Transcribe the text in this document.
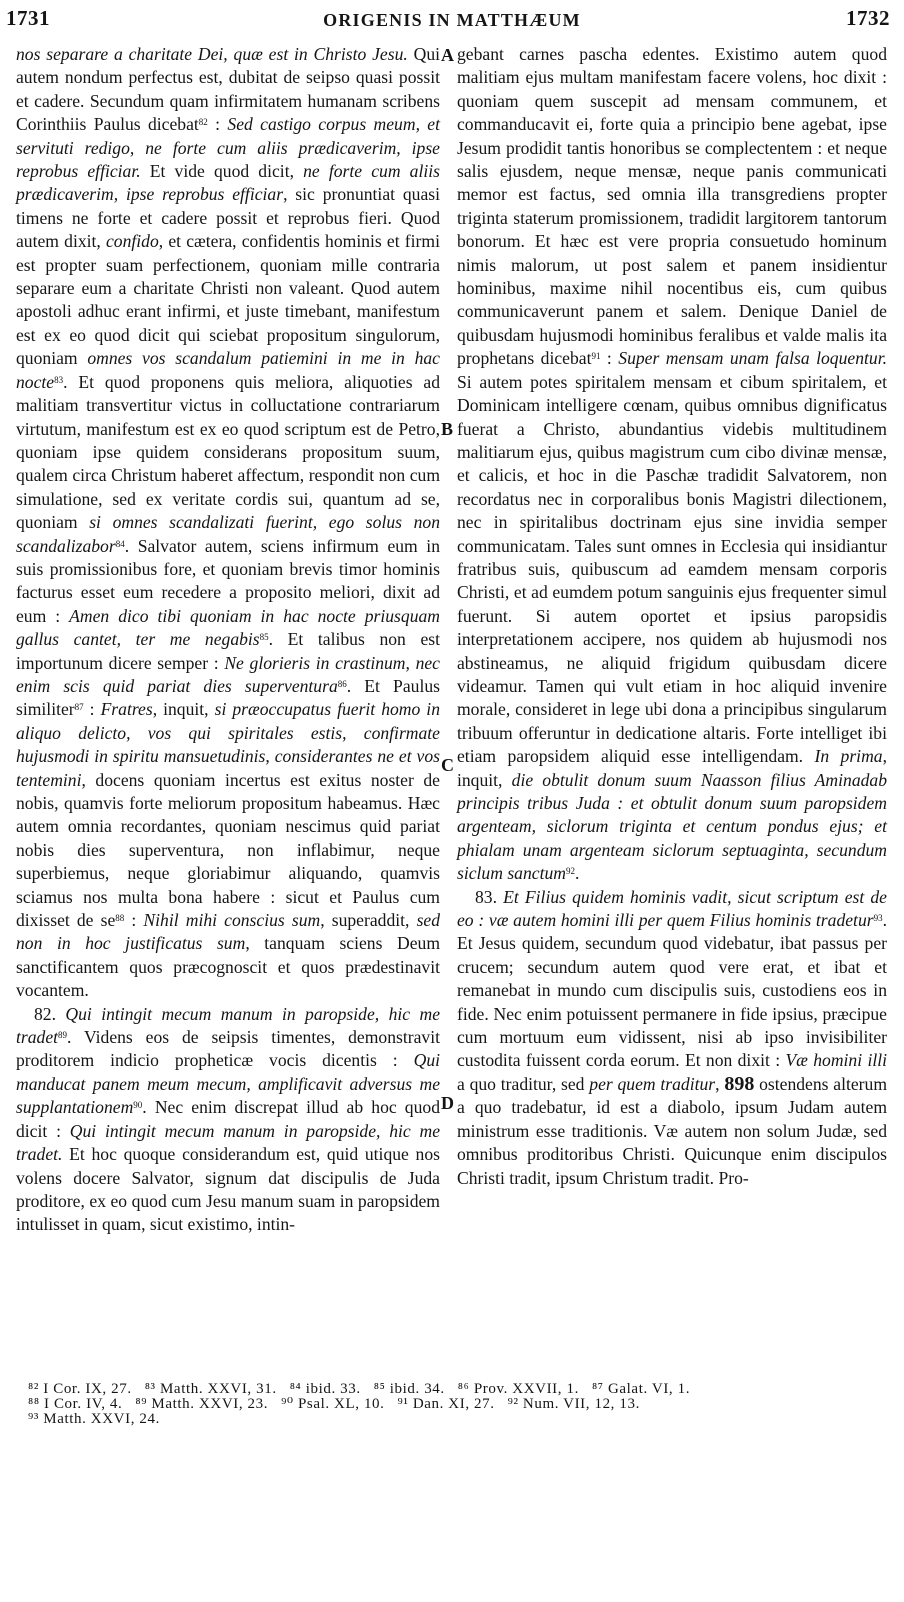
1731	ORIGENIS IN MATTHÆUM	1732

nos separare a charitate Dei, quæ est in Christo Jesu. Qui autem nondum perfectus est, dubitat de seipso quasi possit et cadere. Secundum quam infirmitatem humanam scribens Corinthiis Paulus dicebat$^{82}$ : Sed castigo corpus meum, et servituti redigo, ne forte cum aliis prædicaverim, ipse reprobus efficiar. Et vide quod dicit, ne forte cum aliis prædicaverim, ipse reprobus efficiar, sic pronuntiat quasi timens ne forte et cadere possit et reprobus fieri. Quod autem dixit, confido, et cætera, confidentis hominis et firmi est propter suam perfectionem, quoniam mille contraria separare eum a charitate Christi non valeant. Quod autem apostoli adhuc erant infirmi, et juste timebant, manifestum est ex eo quod dicit qui sciebat propositum singulorum, quoniam omnes vos scandalum patiemini in me in hac nocte$^{83}$. Et quod proponens quis meliora, aliquoties ad malitiam transvertitur victus in colluctatione contrariarum virtutum, manifestum est ex eo quod scriptum est de Petro, quoniam ipse quidem considerans propositum suum, qualem circa Christum haberet affectum, respondit non cum simulatione, sed ex veritate cordis sui, quantum ad se, quoniam si omnes scandalizati fuerint, ego solus non scandalizabor$^{84}$. Salvator autem, sciens infirmum eum in suis promissionibus fore, et quoniam brevis timor hominis facturus esset eum recedere a proposito meliori, dixit ad eum : Amen dico tibi quoniam in hac nocte priusquam gallus cantet, ter me negabis$^{85}$. Et talibus non est importunum dicere semper : Ne glorieris in crastinum, nec enim scis quid pariat dies superventura$^{86}$. Et Paulus similiter$^{87}$ : Fratres, inquit, si præoccupatus fuerit homo in aliquo delicto, vos qui spiritales estis, confirmate hujusmodi in spiritu mansuetudinis, considerantes ne et vos tentemini, docens quoniam incertus est exitus noster de nobis, quamvis forte meliorum propositum habeamus. Hæc autem omnia recordantes, quoniam nescimus quid pariat nobis dies superventura, non inflabimur, neque superbiemus, neque gloriabimur aliquando, quamvis sciamus nos multa bona habere : sicut et Paulus cum dixisset de $se^{88}$ : Nihil mihi conscius sum, superaddit, sed non in hoc justificatus sum, tanquam sciens Deum sanctificantem quos præcognoscit et quos prædestinavit vocantem.

82. Qui intingit mecum manum in paropside, hic me tradet$^{89}$. Videns eos de seipsis timentes, demonstravit proditorem indicio propheticæ vocis dicentis : Qui manducat panem meum mecum, amplificavit adversus me supplantationem$^{90}$. Nec enim discrepat illud ab hoc quod dicit : Qui intingit mecum manum in paropside, hic me tradet. Et hoc quoque considerandum est, quid utique nos volens docere Salvator, signum dat discipulis de Juda proditore, ex eo quod cum Jesu manum suam in paropsidem intulisset in quam, sicut existimo, intin-

gebant carnes pascha edentes. Existimo autem quod malitiam ejus multam manifestam facere volens, hoc dixit : quoniam quem suscepit ad mensam communem, et commanducavit ei, forte quia a principio bene agebat, ipse Jesum prodidit tantis honoribus se complectentem : et neque salis ejusdem, neque mensæ, neque panis communicati memor est factus, sed omnia illa transgrediens propter triginta staterum promissionem, tradidit largitorem tantorum bonorum. Et hæc est vere propria consuetudo hominum nimis malorum, ut post salem et panem insidientur hominibus, maxime nihil nocentibus eis, cum quibus communicaverunt panem et salem. Denique Daniel de quibusdam hujusmodi hominibus feralibus et valde malis ita prophetans dicebat$^{91}$ : Super mensam unam falsa loquentur. Si autem potes spiritalem mensam et cibum spiritalem, et Dominicam intelligere cœnam, quibus omnibus dignificatus fuerat a Christo, abundantius videbis multitudinem malitiarum ejus, quibus magistrum cum cibo divinæ mensæ, et calicis, et hoc in die Paschæ tradidit Salvatorem, non recordatus nec in corporalibus bonis Magistri dilectionem, nec in spiritalibus doctrinam ejus sine invidia semper communicatam. Tales sunt omnes in Ecclesia qui insidiantur fratribus suis, quibuscum ad eamdem mensam corporis Christi, et ad eumdem potum sanguinis ejus frequenter simul fuerunt. Si autem oportet et ipsius paropsidis interpretationem accipere, nos quidem ab hujusmodi nos abstineamus, ne aliquid frigidum quibusdam dicere videamur. Tamen qui vult etiam in hoc aliquid invenire morale, consideret in lege ubi dona a principibus singularum tribuum offeruntur in dedicatione altaris. Forte intelliget ibi etiam paropsidem aliquid esse intelligendam. In prima, inquit, die obtulit donum suum Naasson filius Aminadab principis tribus Juda : et obtulit donum suum paropsidem argenteam, siclorum triginta et centum pondus ejus; et phialam unam argenteam siclorum septuaginta, secundum siclum sanctum$^{92}$.

83. Et Filius quidem hominis vadit, sicut scriptum est de eo : væ autem homini illi per quem Filius hominis tradetur$^{93}$. Et Jesus quidem, secundum quod videbatur, ibat passus per crucem; secundum autem quod vere erat, et ibat et remanebat in mundo cum discipulis suis, custodiens eos in fide. Nec enim potuissent permanere in fide ipsius, præcipue cum mortuum eum vidissent, nisi ab ipso invisibiliter custodita fuissent corda eorum. Et non dixit : Væ homini illi a quo traditur, sed per quem traditur, 898 ostendens alterum a quo tradebatur, id est a diabolo, ipsum Judam autem ministrum esse traditionis. Væ autem non solum Judæ, sed omnibus proditoribus Christi. Quicunque enim discipulos Christi tradit, ipsum Christum tradit. Pro-

A
B
C
D
⁸² I Cor. IX, 27.   ⁸³ Matth. XXVI, 31.   ⁸⁴ ibid. 33.   ⁸⁵ ibid. 34.   ⁸⁶ Prov. XXVII, 1.   ⁸⁷ Galat. VI, 1.
⁸⁸ I Cor. IV, 4.   ⁸⁹ Matth. XXVI, 23.   ⁹⁰ Psal. XL, 10.   ⁹¹ Dan. XI, 27.   ⁹² Num. VII, 12, 13.
⁹³ Matth. XXVI, 24.
